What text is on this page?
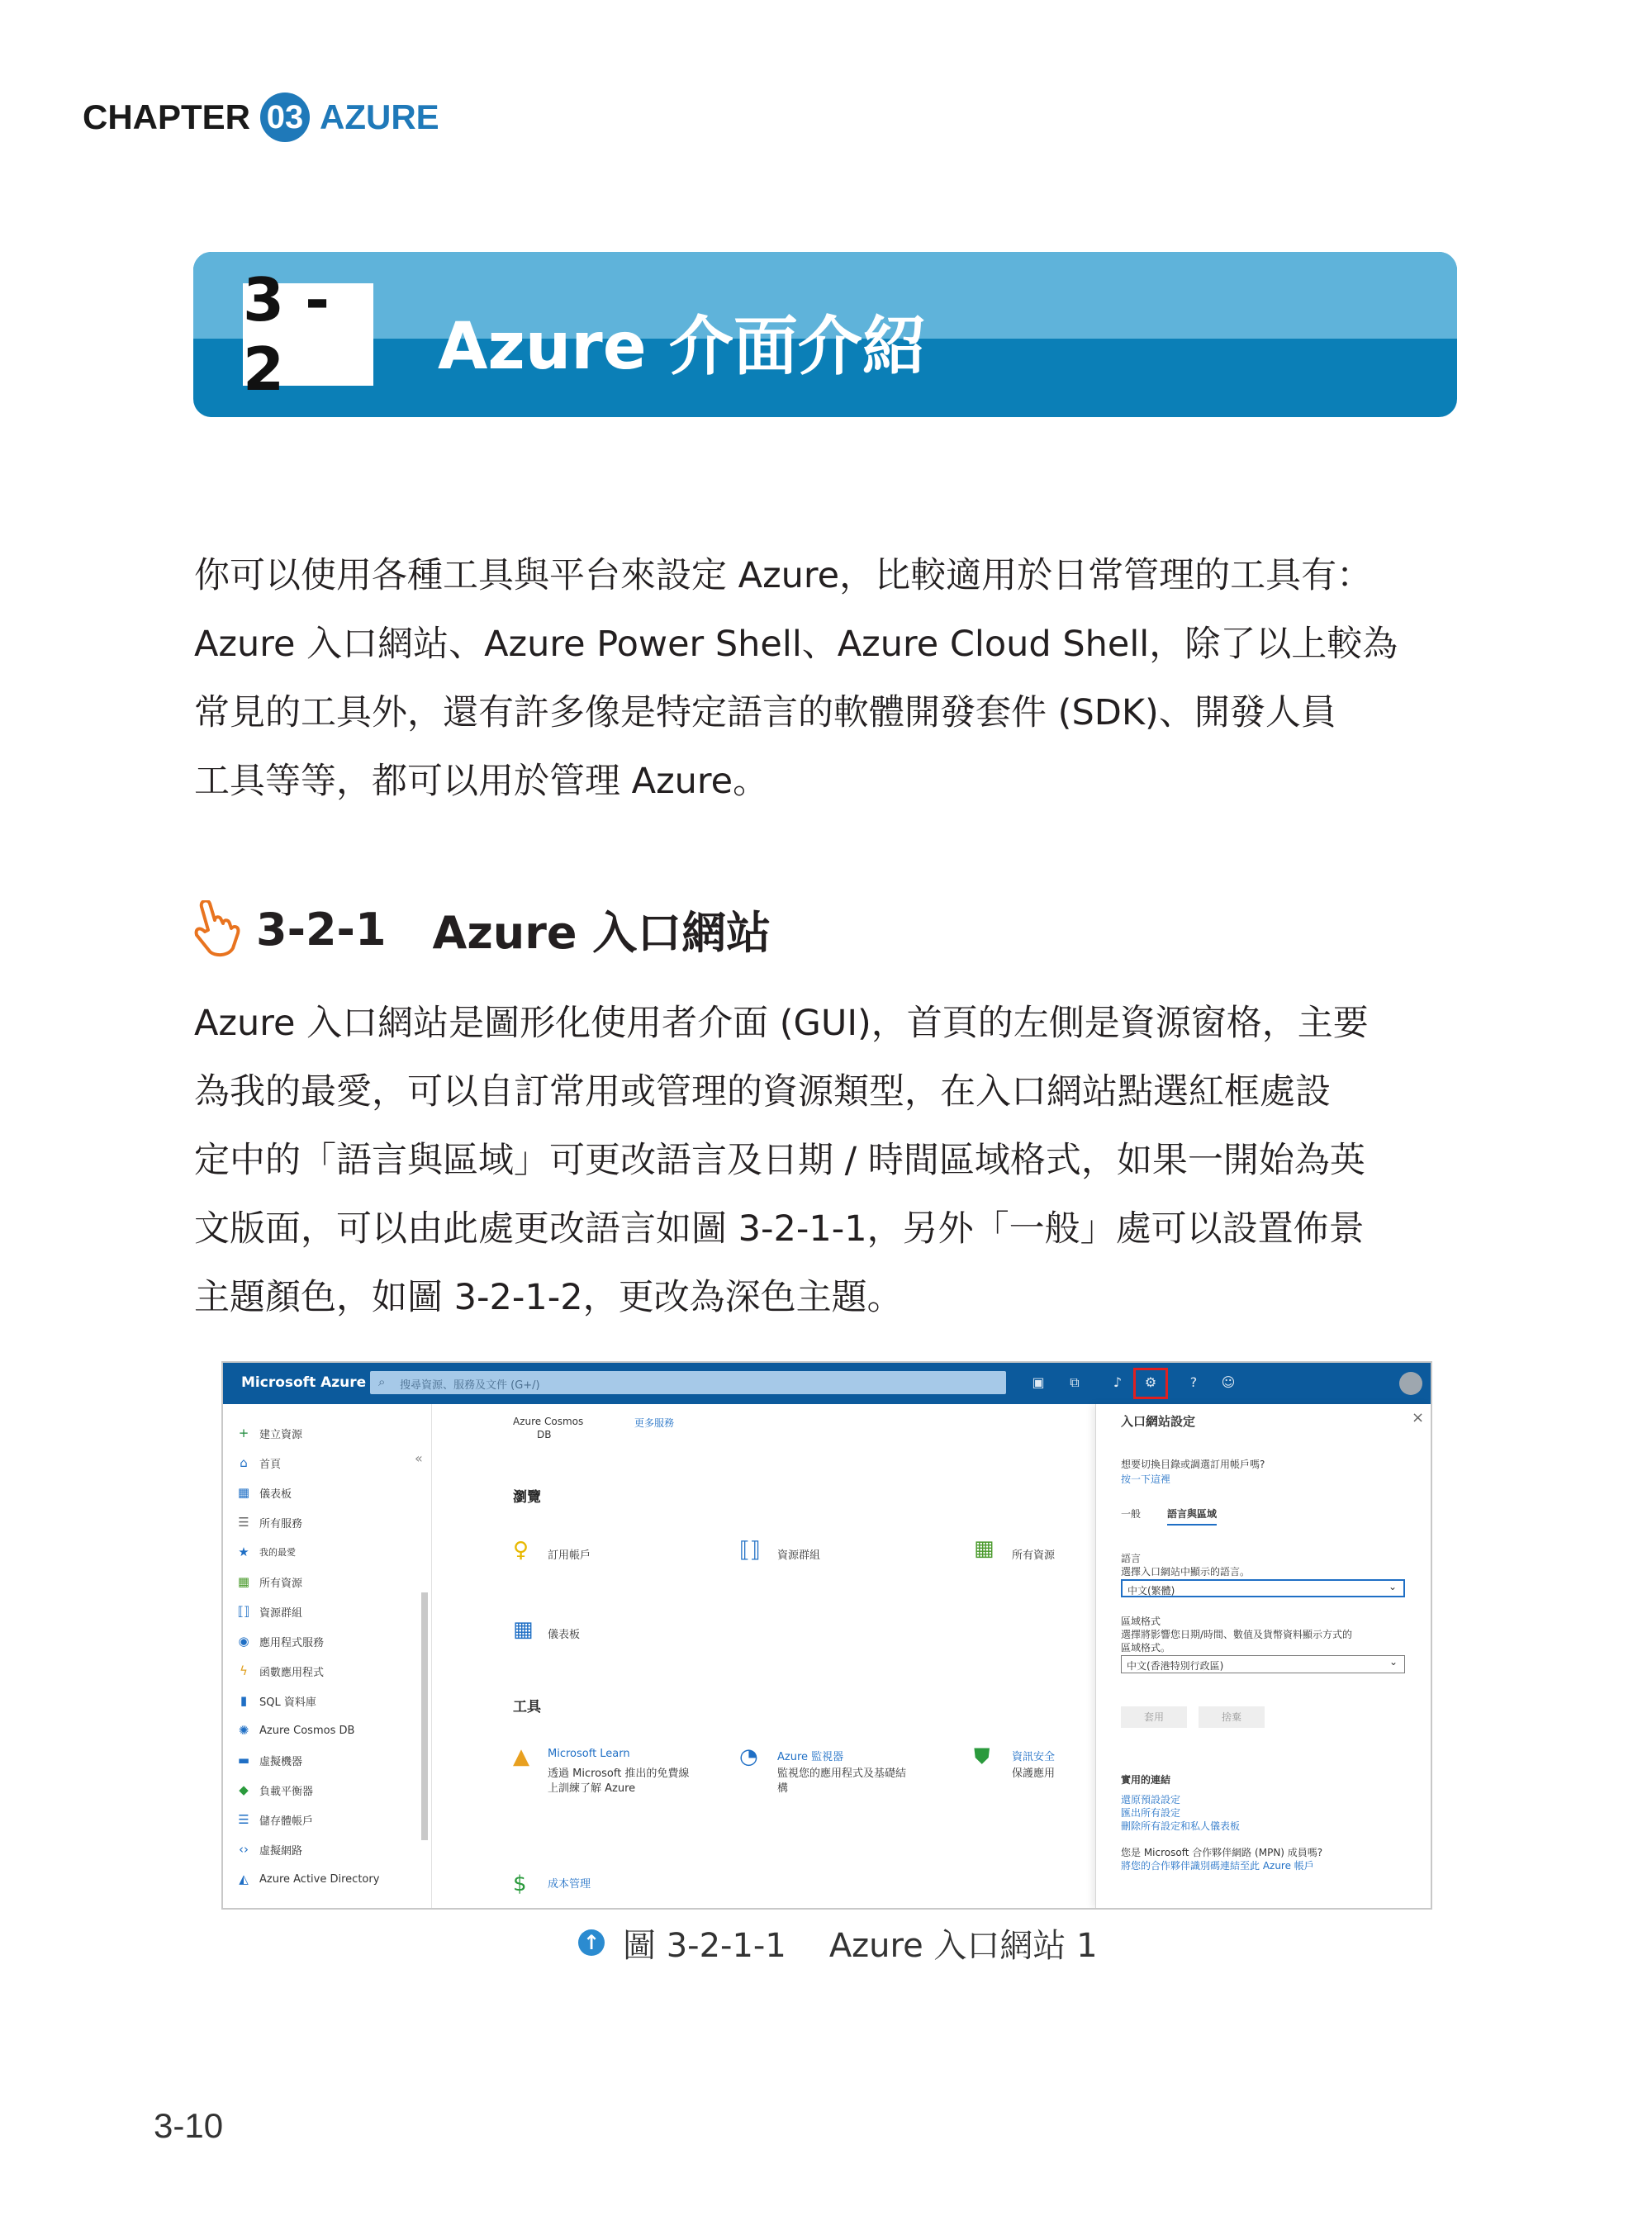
CHAPTER 03 AZURE
3 - 2	Azure 介面介紹

你可以使用各種工具與平台來設定 Azure，比較適用於日常管理的工具有：
Azure 入口網站、Azure Power Shell、Azure Cloud Shell，除了以上較為
常見的工具外，還有許多像是特定語言的軟體開發套件 (SDK)、開發人員
工具等等，都可以用於管理 Azure。

3-2-1 Azure 入口網站

Azure 入口網站是圖形化使用者介面 (GUI)，首頁的左側是資源窗格，主要
為我的最愛，可以自訂常用或管理的資源類型，在入口網站點選紅框處設
定中的「語言與區域」可更改語言及日期 / 時間區域格式，如果一開始為英
文版面，可以由此處更改語言如圖 3-2-1-1，另外「一般」處可以設置佈景
主題顏色，如圖 3-2-1-2，更改為深色主題。

Microsoft Azure ⌕ 搜尋資源、服務及文件 (G+/)	▣	⧉	♪	⚙	?	☺
«
+ 建立資源
⌂	首頁
▦ 儀表板
☰ 所有服務
★ 我的最愛
▦ 所有資源
⟦⟧ 資源群組
◉ 應用程式服務
ϟ	函數應用程式
▮	SQL 資料庫
✺ Azure Cosmos DB
▬ 虛擬機器
◆ 負載平衡器
☰ 儲存體帳戶
‹› 虛擬網路
◭ Azure Active Directory
Azure Cosmos
DB
更多服務
瀏覽
♀ 訂用帳戶	⟦⟧ 資源群組	▦ 所有資源
▦ 儀表板
工具
▲ Microsoft Learn
透過 Microsoft 推出的免費線
上訓練了解 Azure
◔ Azure 監視器
監視您的應用程式及基礎結
構
⛊ 資訊安全
保護應用
$ 成本管理
入口網站設定	×
想要切換目錄或調選訂用帳戶嗎?
按一下這裡
一般	語言與區域
語言
選擇入口網站中顯示的語言。
中文(繁體)	⌄
區域格式
選擇將影響您日期/時間、數值及貨幣資料顯示方式的
區域格式。
中文(香港特別行政區)	⌄
套用	捨棄
實用的連結
還原預設設定
匯出所有設定
刪除所有設定和私人儀表板
您是 Microsoft 合作夥伴網路 (MPN) 成員嗎?
將您的合作夥伴識別碼連結至此 Azure 帳戶
↑ 圖 3-2-1-1 Azure 入口網站 1
3-10
